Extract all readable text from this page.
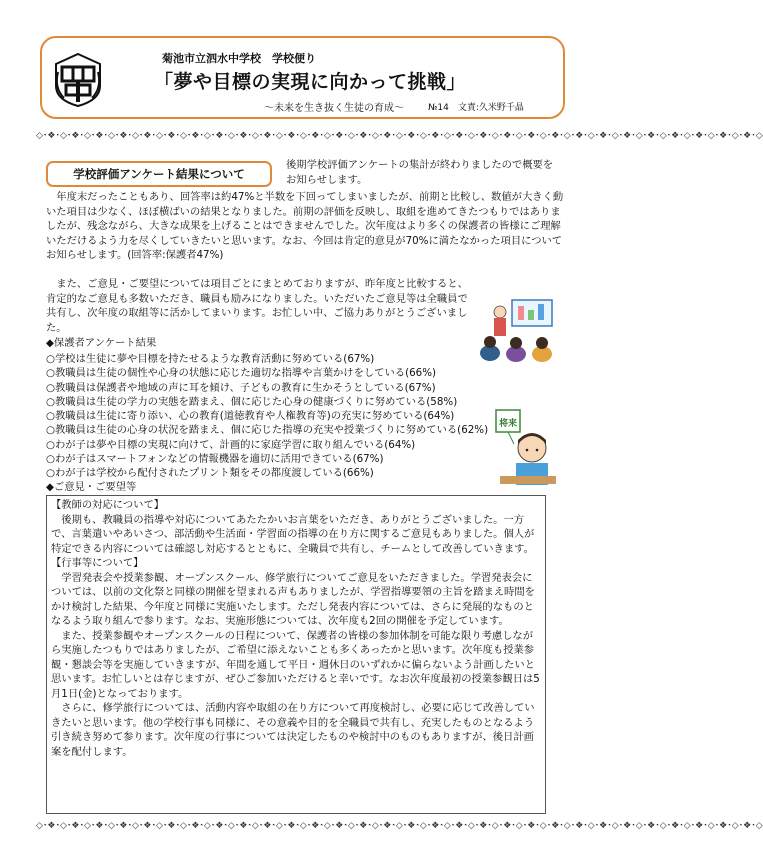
菊池市立泗水中学校　学校便り
「夢や目標の実現に向かって挑戦」
～未来を生き抜く生徒の育成～	№14　文責:久米野千晶
◇･❖･◇･❖･◇･❖･◇･❖･◇･❖･◇･❖･◇･❖･◇･❖･◇･❖･◇･❖･◇･❖･◇･❖･◇･❖･◇･❖･◇･❖･◇･❖･◇･❖･◇･❖･◇･❖･◇･❖･◇･❖･◇･❖･◇･❖･◇･❖･◇･❖･◇･❖･◇･❖･◇･❖･◇･❖･◇･❖･◇
学校評価アンケート結果について
後期学校評価アンケートの集計が終わりましたので概要をお知らせします。
年度末だったこともあり、回答率は約47%と半数を下回ってしまいましたが、前期と比較し、数値が大きく動いた項目は少なく、ほぼ横ばいの結果となりました。前期の評価を反映し、取組を進めてきたつもりではありましたが、残念ながら、大きな成果を上げることはできませんでした。次年度はより多くの保護者の皆様にご理解いただけるよう力を尽くしていきたいと思います。なお、今回は肯定的意見が70%に満たなかった項目についてお知らせします。(回答率:保護者47%)
また、ご意見・ご要望については項目ごとにまとめておりますが、昨年度と比較すると、肯定的なご意見も多数いただき、職員も励みになりました。いただいたご意見等は全職員で共有し、次年度の取組等に活かしてまいります。お忙しい中、ご協力ありがとうございました。
◆保護者アンケート結果
○学校は生徒に夢や目標を持たせるような教育活動に努めている(67%)
○教職員は生徒の個性や心身の状態に応じた適切な指導や言葉かけをしている(66%)
○教職員は保護者や地域の声に耳を傾け、子どもの教育に生かそうとしている(67%)
○教職員は生徒の学力の実態を踏まえ、個に応じた心身の健康づくりに努めている(58%)
○教職員は生徒に寄り添い、心の教育(道徳教育や人権教育等)の充実に努めている(64%)
○教職員は生徒の心身の状況を踏まえ、個に応じた指導の充実や授業づくりに努めている(62%)
○わが子は夢や目標の実現に向けて、計画的に家庭学習に取り組んでいる(64%)
○わが子はスマートフォンなどの情報機器を適切に活用できている(67%)
○わが子は学校から配付されたプリント類をその都度渡している(66%)
将来
◆ご意見・ご要望等

【教師の対応について】

後期も、教職員の指導や対応についてあたたかいお言葉をいただき、ありがとうございました。一方で、言葉遣いやあいさつ、部活動や生活面・学習面の指導の在り方に関するご意見もありました。個人が特定できる内容については確認し対応するとともに、全職員で共有し、チームとして改善していきます。

【行事等について】

学習発表会や授業参観、オープンスクール、修学旅行についてご意見をいただきました。学習発表会については、以前の文化祭と同様の開催を望まれる声もありましたが、学習指導要領の主旨を踏まえ時間をかけ検討した結果、今年度と同様に実施いたします。ただし発表内容については、さらに発展的なものとなるよう取り組んで参ります。なお、実施形態については、次年度も2回の開催を予定しています。

また、授業参観やオープンスクールの日程について、保護者の皆様の参加体制を可能な限り考慮しながら実施したつもりではありましたが、ご希望に添えないことも多くあったかと思います。次年度も授業参観・懇談会等を実施していきますが、年間を通して平日・週休日のいずれかに偏らないよう計画したいと思います。お忙しいとは存じますが、ぜひご参加いただけると幸いです。なお次年度最初の授業参観日は5月1日(金)となっております。

さらに、修学旅行については、活動内容や取組の在り方について再度検討し、必要に応じて改善していきたいと思います。他の学校行事も同様に、その意義や目的を全職員で共有し、充実したものとなるよう引き続き努めて参ります。次年度の行事については決定したものや検討中のものもありますが、後日計画案を配付します。

◇･❖･◇･❖･◇･❖･◇･❖･◇･❖･◇･❖･◇･❖･◇･❖･◇･❖･◇･❖･◇･❖･◇･❖･◇･❖･◇･❖･◇･❖･◇･❖･◇･❖･◇･❖･◇･❖･◇･❖･◇･❖･◇･❖･◇･❖･◇･❖･◇･❖･◇･❖･◇･❖･◇･❖･◇･❖･◇･❖･◇
